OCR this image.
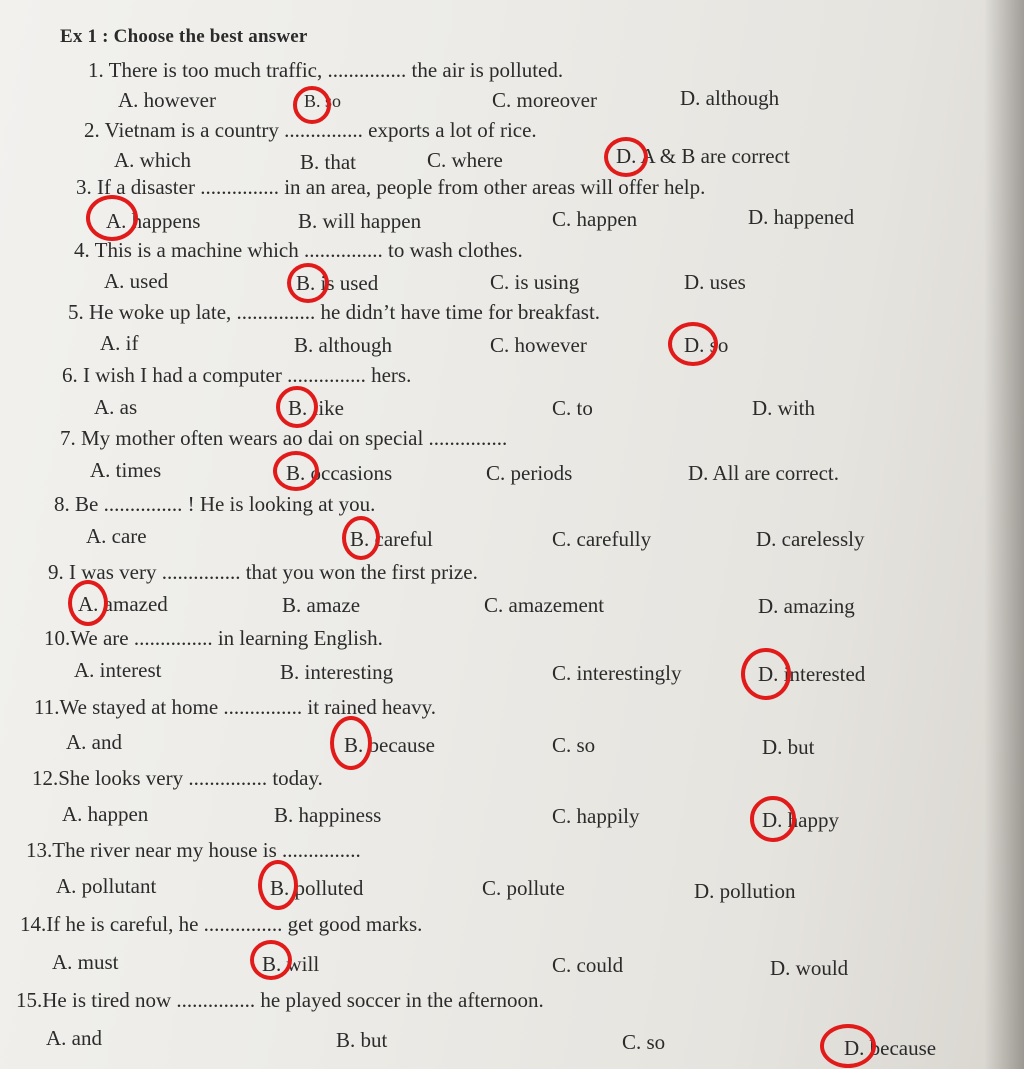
Ex 1 : Choose the best answer
1. There is too much traffic, ............... the air is polluted.
A. however	B. so	C. moreover	D. although
2. Vietnam is a country ............... exports a lot of rice.
A. which	B. that	C. where	D. A & B are correct
3. If a disaster ............... in an area, people from other areas will offer help.
A. happens	B. will happen	C. happen	D. happened
4. This is a machine which ............... to wash clothes.
A. used	B. is used	C. is using	D. uses
5. He woke up late, ............... he didn’t have time for breakfast.
A. if	B. although	C. however	D. so
6. I wish I had a computer ............... hers.
A. as	B. like	C. to	D. with
7. My mother often wears ao dai on special ...............
A. times	B. occasions	C. periods	D. All are correct.
8. Be ............... ! He is looking at you.
A. care	B. careful	C. carefully	D. carelessly
9. I was very ............... that you won the first prize.
A. amazed	B. amaze	C. amazement	D. amazing
10.We are ............... in learning English.
A. interest	B. interesting	C. interestingly	D. interested
11.We stayed at home ............... it rained heavy.
A. and	B. because	C. so	D. but
12.She looks very ............... today.
A. happen	B. happiness	C. happily	D. happy
13.The river near my house is ...............
A. pollutant	B. polluted	C. pollute	D. pollution
14.If he is careful, he ............... get good marks.
A. must	B. will	C. could	D. would
15.He is tired now ............... he played soccer in the afternoon.
A. and	B. but	C. so	D. because
